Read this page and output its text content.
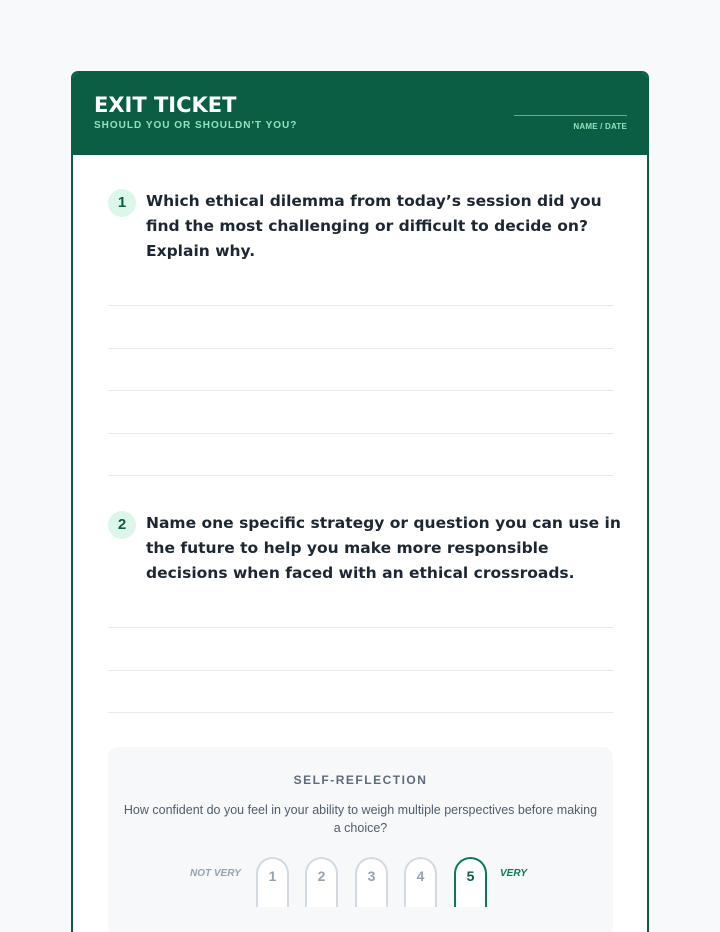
EXIT TICKET
SHOULD YOU OR SHOULDN'T YOU?	NAME / DATE
1	Which ethical dilemma from today’s session did you find the most challenging or difficult to decide on? Explain why.
2	Name one specific strategy or question you can use in the future to help you make more responsible decisions when faced with an ethical crossroads.
SELF-REFLECTION
How confident do you feel in your ability to weigh multiple perspectives before making a choice?
NOT VERY	1	2	3	4	5	VERY
